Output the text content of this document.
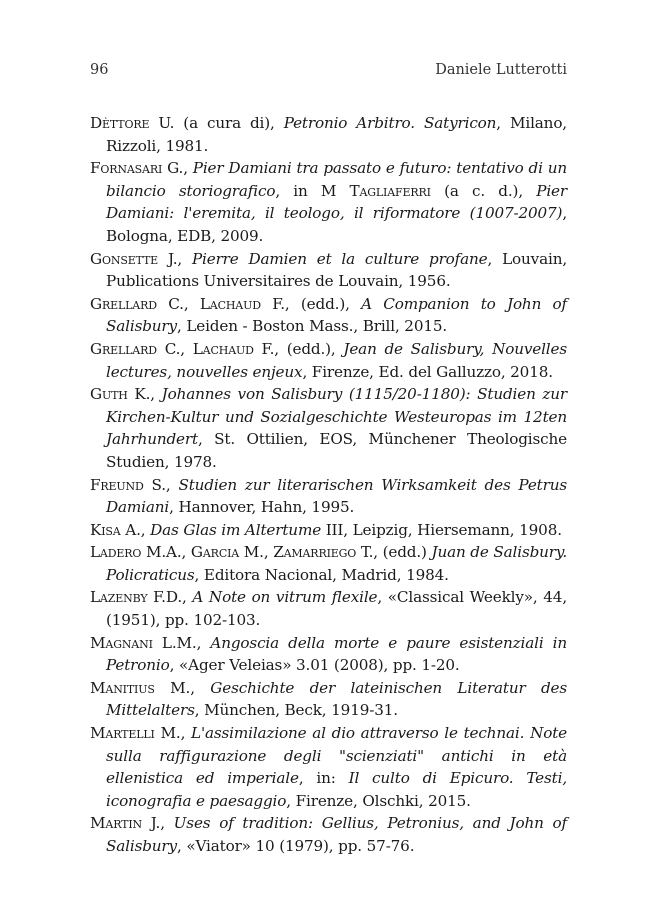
96	Daniele Lutterotti

Dèttore U. (a cura di), Petronio Arbitro. Satyricon, Milano, Rizzoli, 1981.

Fornasari G., Pier Damiani tra passato e futuro: tentativo di un bilancio storiografico, in M Tagliaferri (a c. d.), Pier Damiani: l'eremita, il teologo, il riformatore (1007-2007), Bologna, EDB, 2009.

Gonsette J., Pierre Damien et la culture profane, Louvain, Publications Universitaires de Louvain, 1956.

Grellard C., Lachaud F., (edd.), A Companion to John of Salisbury, Leiden - Boston Mass., Brill, 2015.

Grellard C., Lachaud F., (edd.), Jean de Salisbury, Nouvelles lectures, nouvelles enjeux, Firenze, Ed. del Galluzzo, 2018.

Guth K., Johannes von Salisbury (1115/20-1180): Studien zur Kirchen-Kultur und Sozialgeschichte Westeuropas im 12ten Jahrhundert, St. Ottilien, EOS, Münchener Theologische Studien, 1978.

Freund S., Studien zur literarischen Wirksamkeit des Petrus Damiani, Hannover, Hahn, 1995.

Kisa A., Das Glas im Altertume III, Leipzig, Hiersemann, 1908.

Ladero M.A., Garcia M., Zamarriego T., (edd.) Juan de Salisbury. Policraticus, Editora Nacional, Madrid, 1984.

Lazenby F.D., A Note on vitrum flexile, «Classical Weekly», 44, (1951), pp. 102-103.

Magnani L.M., Angoscia della morte e paure esistenziali in Petronio, «Ager Veleias» 3.01 (2008), pp. 1-20.

Manitius M., Geschichte der lateinischen Literatur des Mittelalters, München, Beck, 1919-31.

Martelli M., L'assimilazione al dio attraverso le technai. Note sulla raffigurazione degli "scienziati" antichi in età ellenistica ed imperiale, in: Il culto di Epicuro. Testi, iconografia e paesaggio, Firenze, Olschki, 2015.

Martin J., Uses of tradition: Gellius, Petronius, and John of Salisbury, «Viator» 10 (1979), pp. 57-76.
